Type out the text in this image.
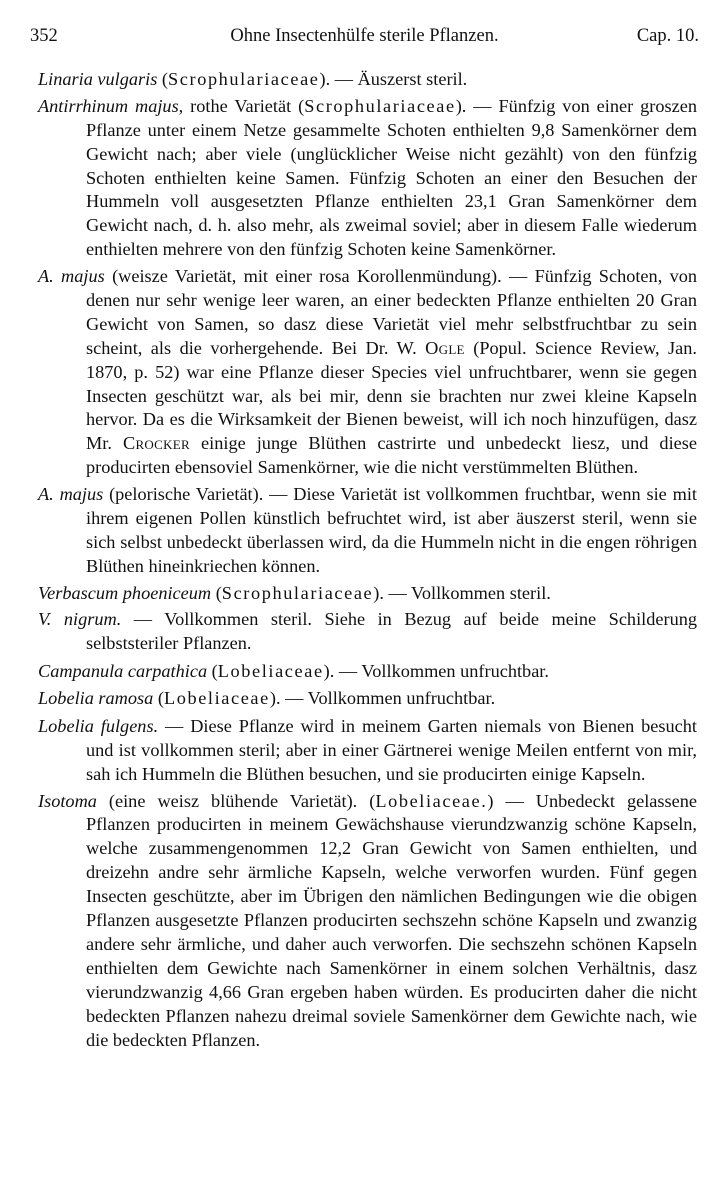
352	Ohne Insectenhülfe sterile Pflanzen.	Cap. 10.

Linaria vulgaris (Scrophulariaceae). — Äuszerst steril.

Antirrhinum majus, rothe Varietät (Scrophulariaceae). — Fünfzig von einer groszen Pflanze unter einem Netze gesammelte Schoten enthielten 9,8 Samenkörner dem Gewicht nach; aber viele (unglücklicher Weise nicht gezählt) von den fünfzig Schoten enthielten keine Samen. Fünfzig Schoten an einer den Besuchen der Hummeln voll ausgesetzten Pflanze enthielten 23,1 Gran Samenkörner dem Gewicht nach, d. h. also mehr, als zweimal soviel; aber in diesem Falle wiederum enthielten mehrere von den fünfzig Schoten keine Samenkörner.

A. majus (weisze Varietät, mit einer rosa Korollenmündung). — Fünfzig Schoten, von denen nur sehr wenige leer waren, an einer bedeckten Pflanze enthielten 20 Gran Gewicht von Samen, so dasz diese Varietät viel mehr selbstfruchtbar zu sein scheint, als die vorhergehende. Bei Dr. W. Ogle (Popul. Science Review, Jan. 1870, p. 52) war eine Pflanze dieser Species viel unfruchtbarer, wenn sie gegen Insecten geschützt war, als bei mir, denn sie brachten nur zwei kleine Kapseln hervor. Da es die Wirksamkeit der Bienen beweist, will ich noch hinzufügen, dasz Mr. Crocker einige junge Blüthen castrirte und unbedeckt liesz, und diese producirten ebensoviel Samenkörner, wie die nicht verstümmelten Blüthen.

A. majus (pelorische Varietät). — Diese Varietät ist vollkommen fruchtbar, wenn sie mit ihrem eigenen Pollen künstlich befruchtet wird, ist aber äuszerst steril, wenn sie sich selbst unbedeckt überlassen wird, da die Hummeln nicht in die engen röhrigen Blüthen hineinkriechen können.

Verbascum phoeniceum (Scrophulariaceae). — Vollkommen steril.

V. nigrum. — Vollkommen steril. Siehe in Bezug auf beide meine Schilderung selbststeriler Pflanzen.

Campanula carpathica (Lobeliaceae). — Vollkommen unfruchtbar.

Lobelia ramosa (Lobeliaceae). — Vollkommen unfruchtbar.

Lobelia fulgens. — Diese Pflanze wird in meinem Garten niemals von Bienen besucht und ist vollkommen steril; aber in einer Gärtnerei wenige Meilen entfernt von mir, sah ich Hummeln die Blüthen besuchen, und sie producirten einige Kapseln.

Isotoma (eine weisz blühende Varietät). (Lobeliaceae.) — Unbedeckt gelassene Pflanzen producirten in meinem Gewächshause vierundzwanzig schöne Kapseln, welche zusammengenommen 12,2 Gran Gewicht von Samen enthielten, und dreizehn andre sehr ärmliche Kapseln, welche verworfen wurden. Fünf gegen Insecten geschützte, aber im Übrigen den nämlichen Bedingungen wie die obigen Pflanzen ausgesetzte Pflanzen producirten sechszehn schöne Kapseln und zwanzig andere sehr ärmliche, und daher auch verworfen. Die sechszehn schönen Kapseln enthielten dem Gewichte nach Samenkörner in einem solchen Verhältnis, dasz vierundzwanzig 4,66 Gran ergeben haben würden. Es producirten daher die nicht bedeckten Pflanzen nahezu dreimal soviele Samenkörner dem Gewichte nach, wie die bedeckten Pflanzen.
